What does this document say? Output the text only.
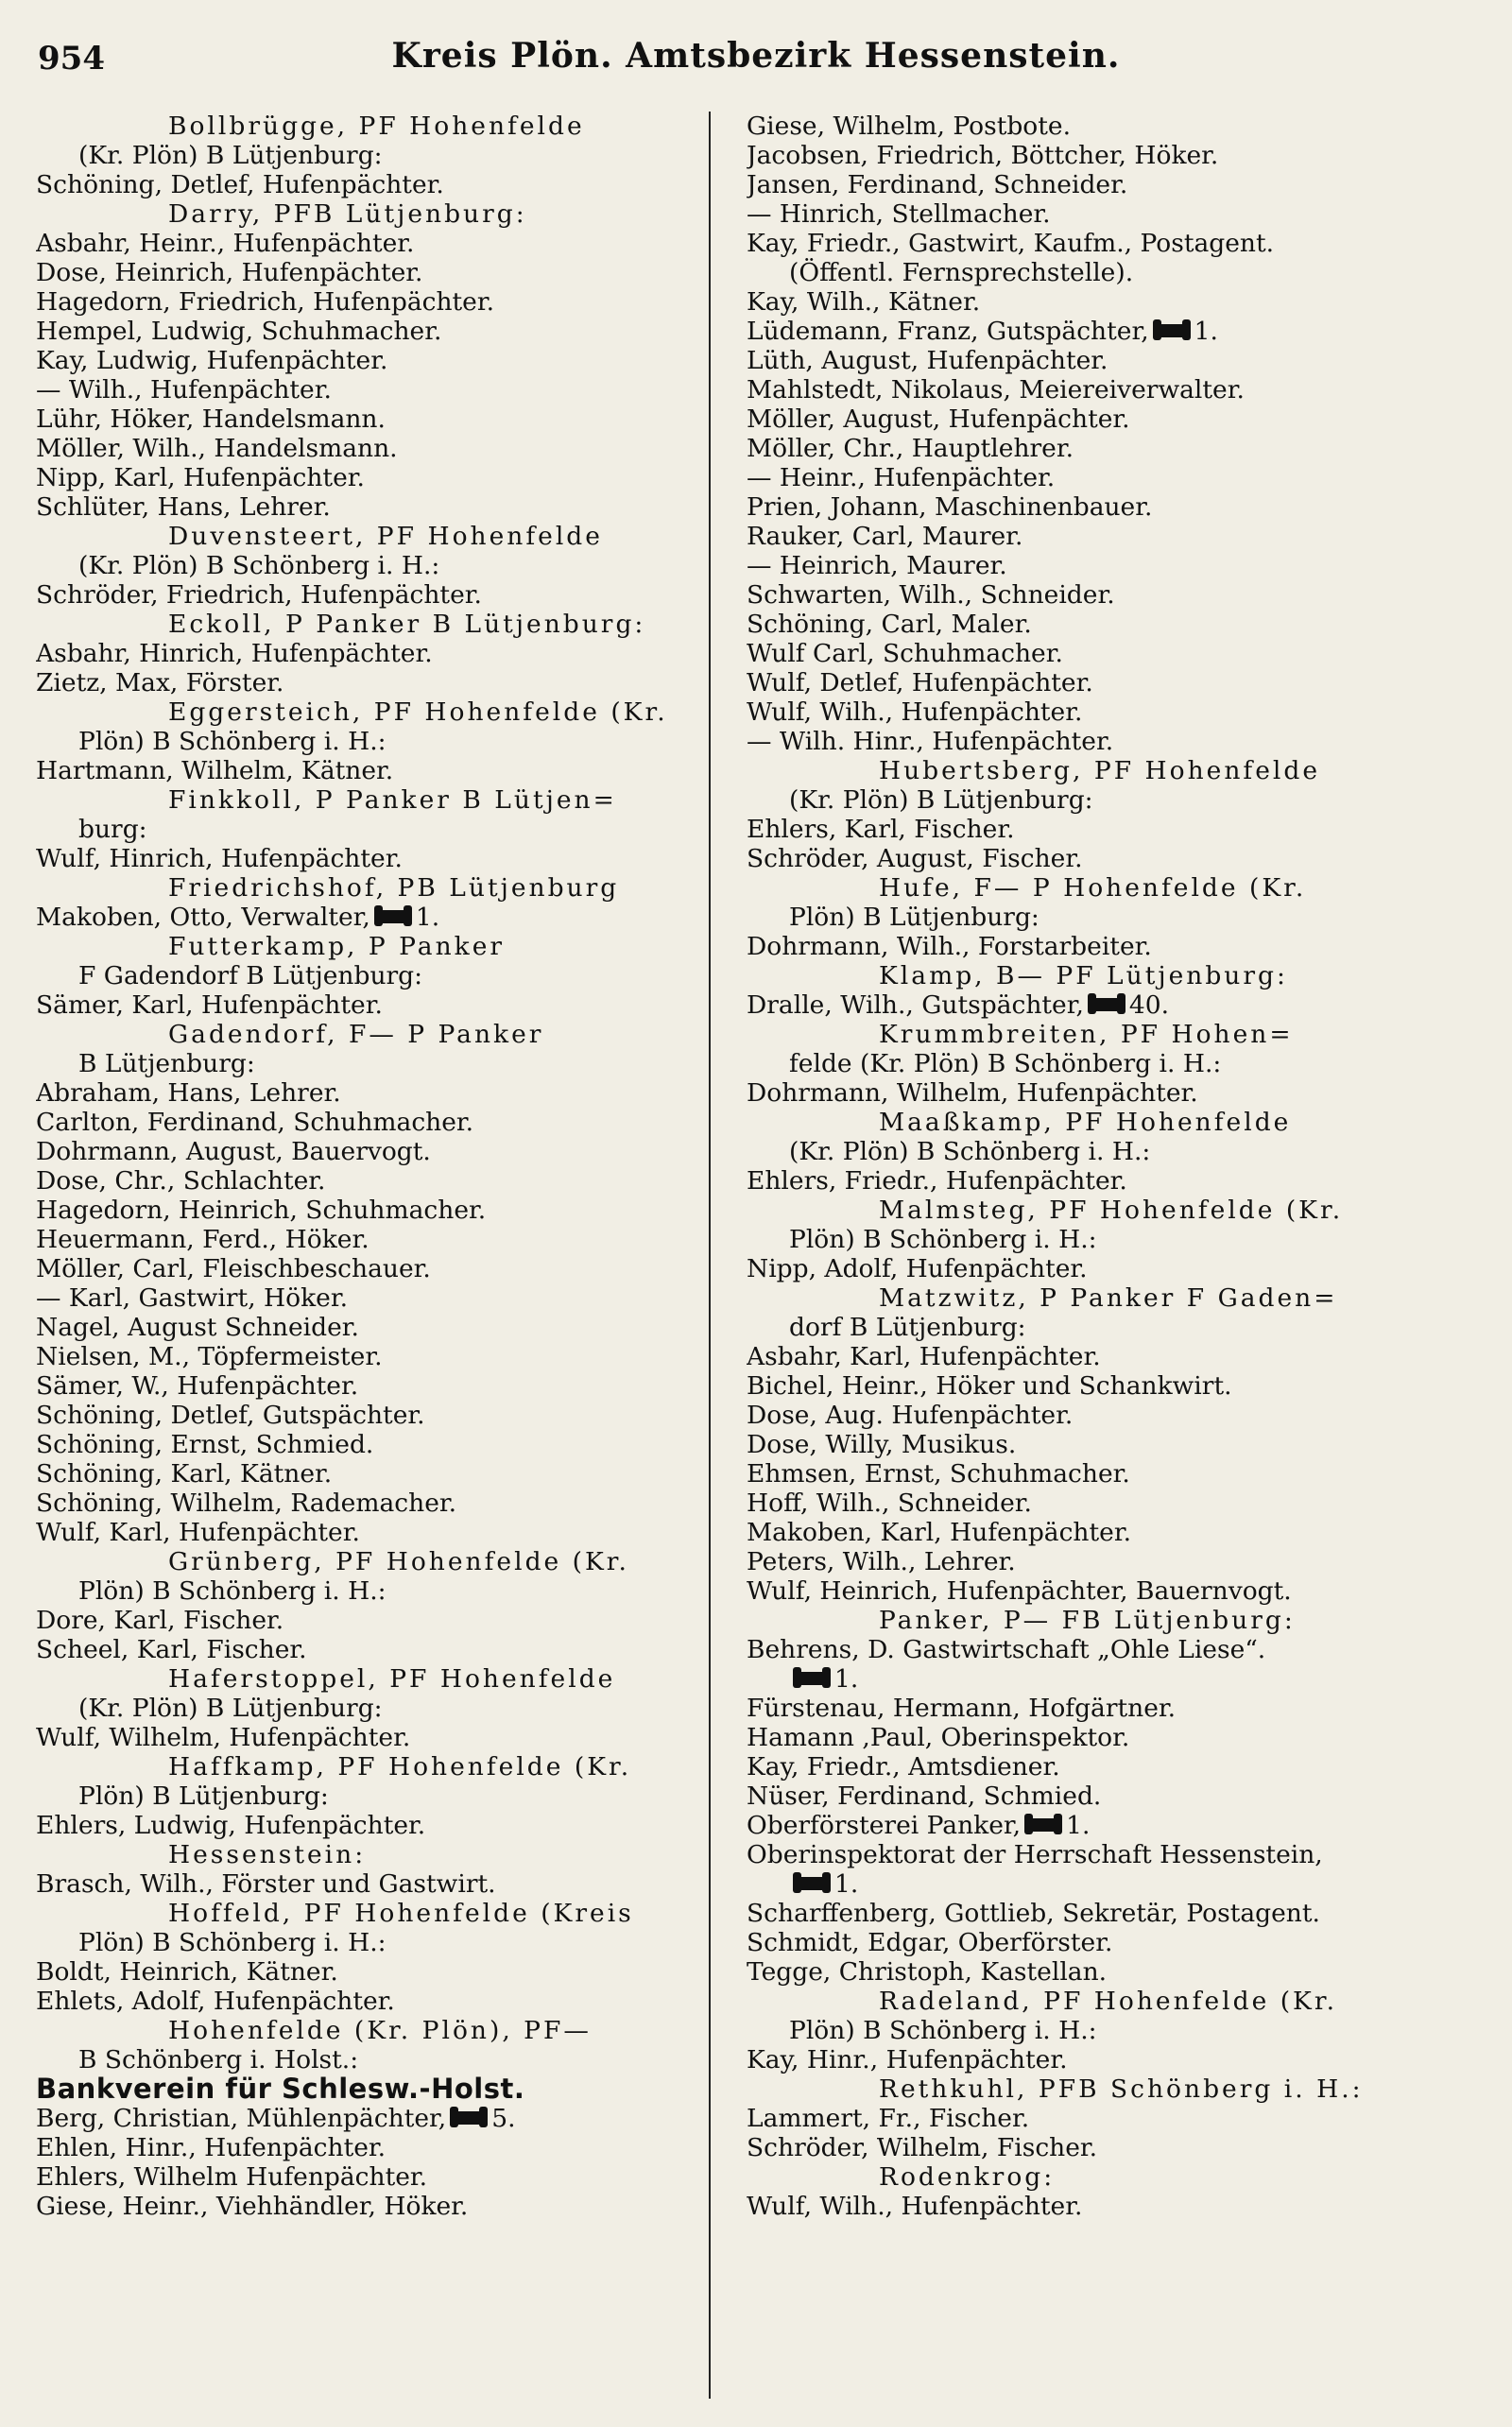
954	Kreis Plön. Amtsbezirk Hessenstein.
Bollbrügge, PF Hohenfelde
(Kr. Plön) B Lütjenburg:
Schöning, Detlef, Hufenpächter.
Darry, PFB Lütjenburg:
Asbahr, Heinr., Hufenpächter.
Dose, Heinrich, Hufenpächter.
Hagedorn, Friedrich, Hufenpächter.
Hempel, Ludwig, Schuhmacher.
Kay, Ludwig, Hufenpächter.
— Wilh., Hufenpächter.
Lühr, Höker, Handelsmann.
Möller, Wilh., Handelsmann.
Nipp, Karl, Hufenpächter.
Schlüter, Hans, Lehrer.
Duvensteert, PF Hohenfelde
(Kr. Plön) B Schönberg i. H.:
Schröder, Friedrich, Hufenpächter.
Eckoll, P Panker B Lütjenburg:
Asbahr, Hinrich, Hufenpächter.
Zietz, Max, Förster.
Eggersteich, PF Hohenfelde (Kr.
Plön) B Schönberg i. H.:
Hartmann, Wilhelm, Kätner.
Finkkoll, P Panker B Lütjen=
burg:
Wulf, Hinrich, Hufenpächter.
Friedrichshof, PB Lütjenburg
Makoben, Otto, Verwalter, 1.
Futterkamp, P Panker
F Gadendorf B Lütjenburg:
Sämer, Karl, Hufenpächter.
Gadendorf, F— P Panker
B Lütjenburg:
Abraham, Hans, Lehrer.
Carlton, Ferdinand, Schuhmacher.
Dohrmann, August, Bauervogt.
Dose, Chr., Schlachter.
Hagedorn, Heinrich, Schuhmacher.
Heuermann, Ferd., Höker.
Möller, Carl, Fleischbeschauer.
— Karl, Gastwirt, Höker.
Nagel, August Schneider.
Nielsen, M., Töpfermeister.
Sämer, W., Hufenpächter.
Schöning, Detlef, Gutspächter.
Schöning, Ernst, Schmied.
Schöning, Karl, Kätner.
Schöning, Wilhelm, Rademacher.
Wulf, Karl, Hufenpächter.
Grünberg, PF Hohenfelde (Kr.
Plön) B Schönberg i. H.:
Dore, Karl, Fischer.
Scheel, Karl, Fischer.
Haferstoppel, PF Hohenfelde
(Kr. Plön) B Lütjenburg:
Wulf, Wilhelm, Hufenpächter.
Haffkamp, PF Hohenfelde (Kr.
Plön) B Lütjenburg:
Ehlers, Ludwig, Hufenpächter.
Hessenstein:
Brasch, Wilh., Förster und Gastwirt.
Hoffeld, PF Hohenfelde (Kreis
Plön) B Schönberg i. H.:
Boldt, Heinrich, Kätner.
Ehlets, Adolf, Hufenpächter.
Hohenfelde (Kr. Plön), PF—
B Schönberg i. Holst.:
Bankverein für Schlesw.-Holst.
Berg, Christian, Mühlenpächter, 5.
Ehlen, Hinr., Hufenpächter.
Ehlers, Wilhelm Hufenpächter.
Giese, Heinr., Viehhändler, Höker.
Giese, Wilhelm, Postbote.
Jacobsen, Friedrich, Böttcher, Höker.
Jansen, Ferdinand, Schneider.
— Hinrich, Stellmacher.
Kay, Friedr., Gastwirt, Kaufm., Postagent.
(Öffentl. Fernsprechstelle).
Kay, Wilh., Kätner.
Lüdemann, Franz, Gutspächter, 1.
Lüth, August, Hufenpächter.
Mahlstedt, Nikolaus, Meiereiverwalter.
Möller, August, Hufenpächter.
Möller, Chr., Hauptlehrer.
— Heinr., Hufenpächter.
Prien, Johann, Maschinenbauer.
Rauker, Carl, Maurer.
— Heinrich, Maurer.
Schwarten, Wilh., Schneider.
Schöning, Carl, Maler.
Wulf Carl, Schuhmacher.
Wulf, Detlef, Hufenpächter.
Wulf, Wilh., Hufenpächter.
— Wilh. Hinr., Hufenpächter.
Hubertsberg, PF Hohenfelde
(Kr. Plön) B Lütjenburg:
Ehlers, Karl, Fischer.
Schröder, August, Fischer.
Hufe, F— P Hohenfelde (Kr.
Plön) B Lütjenburg:
Dohrmann, Wilh., Forstarbeiter.
Klamp, B— PF Lütjenburg:
Dralle, Wilh., Gutspächter, 40.
Krummbreiten, PF Hohen=
felde (Kr. Plön) B Schönberg i. H.:
Dohrmann, Wilhelm, Hufenpächter.
Maaßkamp, PF Hohenfelde
(Kr. Plön) B Schönberg i. H.:
Ehlers, Friedr., Hufenpächter.
Malmsteg, PF Hohenfelde (Kr.
Plön) B Schönberg i. H.:
Nipp, Adolf, Hufenpächter.
Matzwitz, P Panker F Gaden=
dorf B Lütjenburg:
Asbahr, Karl, Hufenpächter.
Bichel, Heinr., Höker und Schankwirt.
Dose, Aug. Hufenpächter.
Dose, Willy, Musikus.
Ehmsen, Ernst, Schuhmacher.
Hoff, Wilh., Schneider.
Makoben, Karl, Hufenpächter.
Peters, Wilh., Lehrer.
Wulf, Heinrich, Hufenpächter, Bauernvogt.
Panker, P— FB Lütjenburg:
Behrens, D. Gastwirtschaft „Ohle Liese“.
1.
Fürstenau, Hermann, Hofgärtner.
Hamann ,Paul, Oberinspektor.
Kay, Friedr., Amtsdiener.
Nüser, Ferdinand, Schmied.
Oberförsterei Panker, 1.
Oberinspektorat der Herrschaft Hessenstein,
1.
Scharffenberg, Gottlieb, Sekretär, Postagent.
Schmidt, Edgar, Oberförster.
Tegge, Christoph, Kastellan.
Radeland, PF Hohenfelde (Kr.
Plön) B Schönberg i. H.:
Kay, Hinr., Hufenpächter.
Rethkuhl, PFB Schönberg i. H.:
Lammert, Fr., Fischer.
Schröder, Wilhelm, Fischer.
Rodenkrog:
Wulf, Wilh., Hufenpächter.
